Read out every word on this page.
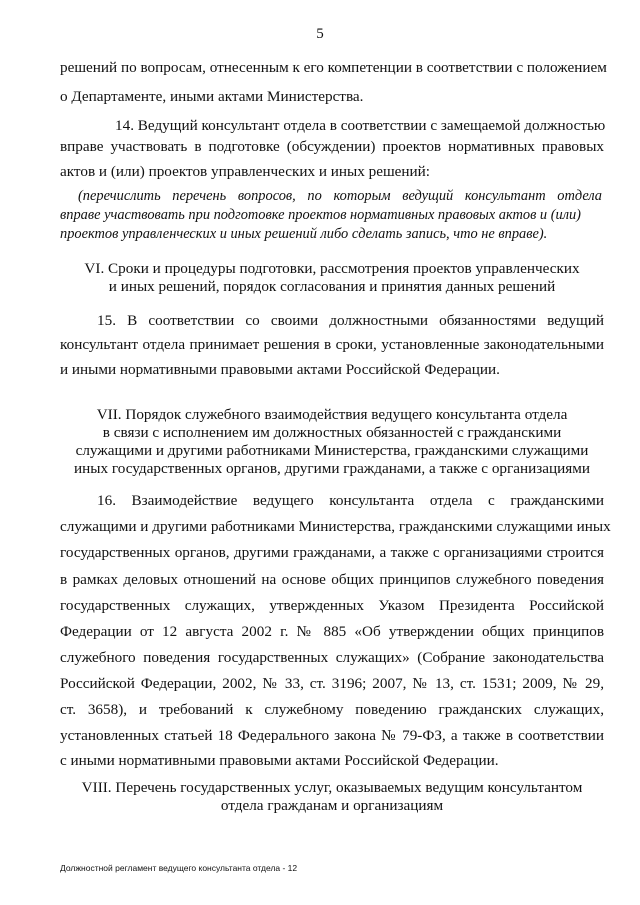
5
решений по вопросам, отнесенным к его компетенции в соответствии с положением
о Департаменте, иными актами Министерства.
14. Ведущий консультант отдела в соответствии с замещаемой должностью
вправе участвовать в подготовке (обсуждении) проектов нормативных правовых
актов и (или) проектов управленческих и иных решений:
(перечислить перечень вопросов, по которым ведущий консультант отдела
вправе участвовать при подготовке проектов нормативных правовых актов и (или)
проектов управленческих и иных решений либо сделать запись, что не вправе).
VI. Сроки и процедуры подготовки, рассмотрения проектов управленческих
и иных решений, порядок согласования и принятия данных решений
15. В соответствии со своими должностными обязанностями ведущий
консультант отдела принимает решения в сроки, установленные законодательными
и иными нормативными правовыми актами Российской Федерации.
VII. Порядок служебного взаимодействия ведущего консультанта отдела
в связи с исполнением им должностных обязанностей с гражданскими
служащими и другими работниками Министерства, гражданскими служащими
иных государственных органов, другими гражданами, а также с организациями
16. Взаимодействие ведущего консультанта отдела с гражданскими
служащими и другими работниками Министерства, гражданскими служащими иных
государственных органов, другими гражданами, а также с организациями строится
в рамках деловых отношений на основе общих принципов служебного поведения
государственных служащих, утвержденных Указом Президента Российской
Федерации от 12 августа 2002 г. № 885 «Об утверждении общих принципов
служебного поведения государственных служащих» (Собрание законодательства
Российской Федерации, 2002, № 33, ст. 3196; 2007, № 13, ст. 1531; 2009, № 29,
ст. 3658), и требований к служебному поведению гражданских служащих,
установленных статьей 18 Федерального закона № 79-ФЗ, а также в соответствии
с иными нормативными правовыми актами Российской Федерации.
VIII. Перечень государственных услуг, оказываемых ведущим консультантом
отдела гражданам и организациям
Должностной регламент ведущего консультанта отдела - 12
